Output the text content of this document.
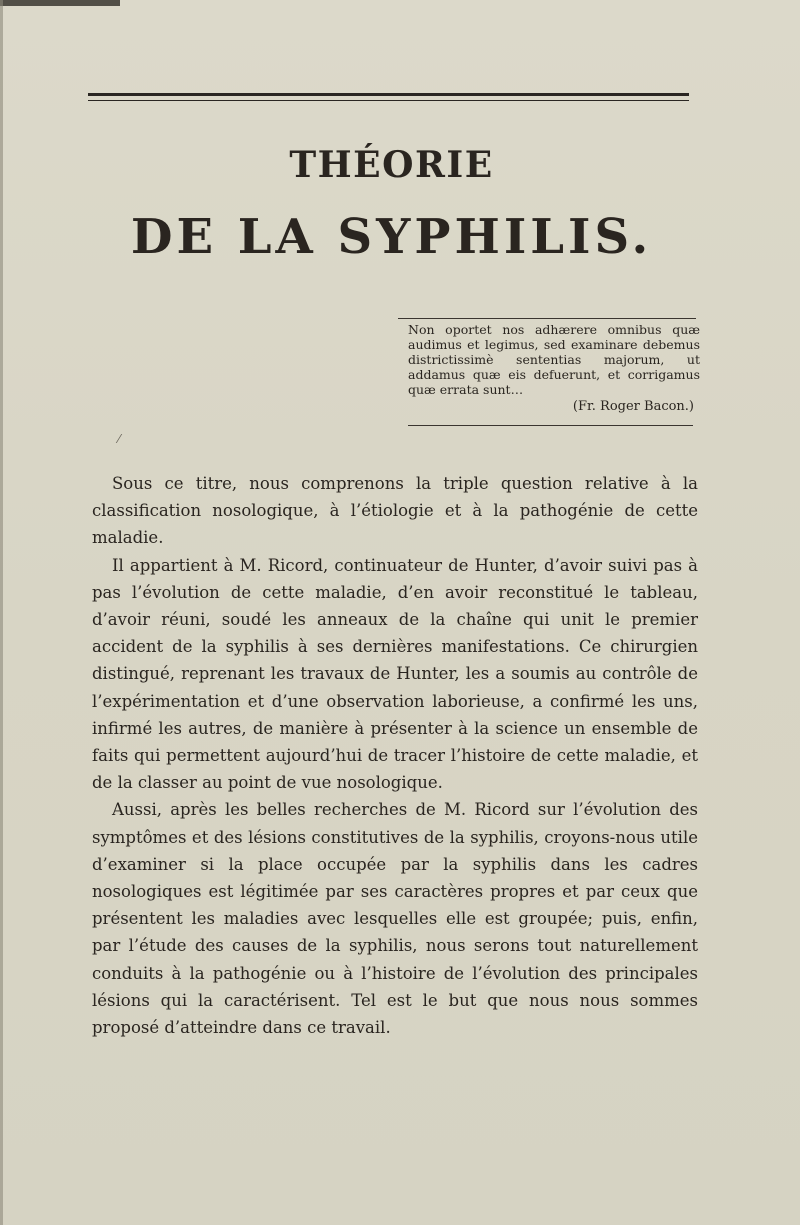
THÉORIE
DE LA SYPHILIS.

Non oportet nos adhærere omnibus quæ audimus et legimus, sed examinare debemus districtissimè sententias majorum, ut addamus quæ eis defuerunt, et corrigamus quæ errata sunt…

(Fr. Roger Bacon.)
⁄

Sous ce titre, nous comprenons la triple question relative à la classification nosologique, à l’étiologie et à la pathogénie de cette maladie.

Il appartient à M. Ricord, continuateur de Hunter, d’avoir suivi pas à pas l’évolution de cette maladie, d’en avoir reconstitué le tableau, d’avoir réuni, soudé les anneaux de la chaîne qui unit le premier accident de la syphilis à ses dernières manifestations. Ce chirurgien distingué, reprenant les travaux de Hunter, les a soumis au contrôle de l’expérimentation et d’une observation laborieuse, a confirmé les uns, infirmé les autres, de manière à présenter à la science un ensemble de faits qui permettent aujourd’hui de tracer l’histoire de cette maladie, et de la classer au point de vue nosologique.

Aussi, après les belles recherches de M. Ricord sur l’évolution des symptômes et des lésions constitutives de la syphilis, croyons-nous utile d’examiner si la place occupée par la syphilis dans les cadres nosologiques est légitimée par ses caractères propres et par ceux que présentent les maladies avec lesquelles elle est groupée; puis, enfin, par l’étude des causes de la syphilis, nous serons tout naturellement conduits à la pathogénie ou à l’histoire de l’évolution des principales lésions qui la caractérisent. Tel est le but que nous nous sommes proposé d’atteindre dans ce travail.
